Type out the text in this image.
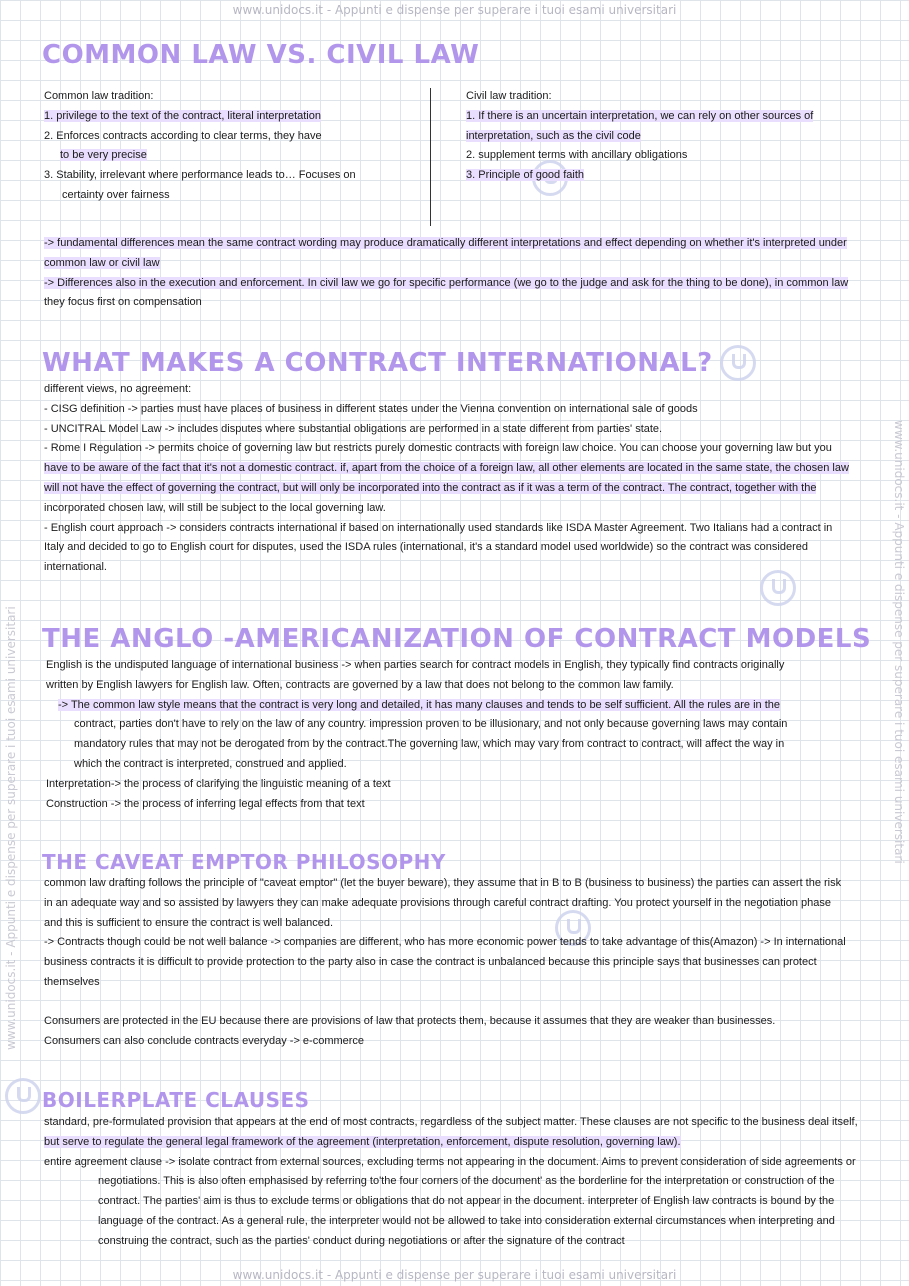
www.unidocs.it - Appunti e dispense per superare i tuoi esami universitari
www.unidocs.it - Appunti e dispense per superare i tuoi esami universitari
www.unidocs.it - Appunti e dispense per superare i tuoi esami universitari	www.unidocs.it - Appunti e dispense per superare i tuoi esami universitari
COMMON LAW VS. CIVIL LAW

Common law tradition:

1. privilege to the text of the contract, literal interpretation

2. Enforces contracts according to clear terms, they have

to be very precise

3. Stability, irrelevant where performance leads to… Focuses on

certainty over fairness

Civil law tradition:

1. If there is an uncertain interpretation, we can rely on other sources of

interpretation, such as the civil code

2. supplement terms with ancillary obligations

3. Principle of good faith

-> fundamental differences mean the same contract wording may produce dramatically different interpretations and effect depending on whether it's interpreted under

common law or civil law

-> Differences also in the execution and enforcement. In civil law we go for specific performance (we go to the judge and ask for the thing to be done), in common law

they focus first on compensation

WHAT MAKES A CONTRACT INTERNATIONAL?

different views, no agreement:

- CISG definition -> parties must have places of business in different states under the Vienna convention on international sale of goods

- UNCITRAL Model Law -> includes disputes where substantial obligations are performed in a state different from parties' state.

- Rome I Regulation -> permits choice of governing law but restricts purely domestic contracts with foreign law choice. You can choose your governing law but you

have to be aware of the fact that it's not a domestic contract. if, apart from the choice of a foreign law, all other elements are located in the same state, the chosen law

will not have the effect of governing the contract, but will only be incorporated into the contract as if it was a term of the contract. The contract, together with the

incorporated chosen law, will still be subject to the local governing law.

- English court approach -> considers contracts international if based on internationally used standards like ISDA Master Agreement. Two Italians had a contract in

Italy and decided to go to English court for disputes, used the ISDA rules (international, it's a standard model used worldwide) so the contract was considered

international.

THE ANGLO -AMERICANIZATION OF CONTRACT MODELS

English is the undisputed language of international business -> when parties search for contract models in English, they typically find contracts originally

written by English lawyers for English law. Often, contracts are governed by a law that does not belong to the common law family.

-> The common law style means that the contract is very long and detailed, it has many clauses and tends to be self sufficient. All the rules are in the

contract, parties don't have to rely on the law of any country. impression proven to be illusionary, and not only because governing laws may contain

mandatory rules that may not be derogated from by the contract.The governing law, which may vary from contract to contract, will affect the way in

which the contract is interpreted, construed and applied.

Interpretation-> the process of clarifying the linguistic meaning of a text

Construction -> the process of inferring legal effects from that text

THE CAVEAT EMPTOR PHILOSOPHY

common law drafting follows the principle of "caveat emptor" (let the buyer beware), they assume that in B to B (business to business) the parties can assert the risk

in an adequate way and so assisted by lawyers they can make adequate provisions through careful contract drafting. You protect yourself in the negotiation phase

and this is sufficient to ensure the contract is well balanced.

-> Contracts though could be not well balance -> companies are different, who has more economic power tends to take advantage of this(Amazon) -> In international

business contracts it is difficult to provide protection to the party also in case the contract is unbalanced because this principle says that businesses can protect

themselves

Consumers are protected in the EU because there are provisions of law that protects them, because it assumes that they are weaker than businesses.

Consumers can also conclude contracts everyday -> e-commerce

BOILERPLATE CLAUSES

standard, pre-formulated provision that appears at the end of most contracts, regardless of the subject matter. These clauses are not specific to the business deal itself,

but serve to regulate the general legal framework of the agreement (interpretation, enforcement, dispute resolution, governing law).

entire agreement clause -> isolate contract from external sources, excluding terms not appearing in the document. Aims to prevent consideration of side agreements or

negotiations. This is also often emphasised by referring to'the four corners of the document' as the borderline for the interpretation or construction of the

contract. The parties' aim is thus to exclude terms or obligations that do not appear in the document. interpreter of English law contracts is bound by the

language of the contract. As a general rule, the interpreter would not be allowed to take into consideration external circumstances when interpreting and

construing the contract, such as the parties' conduct during negotiations or after the signature of the contract
